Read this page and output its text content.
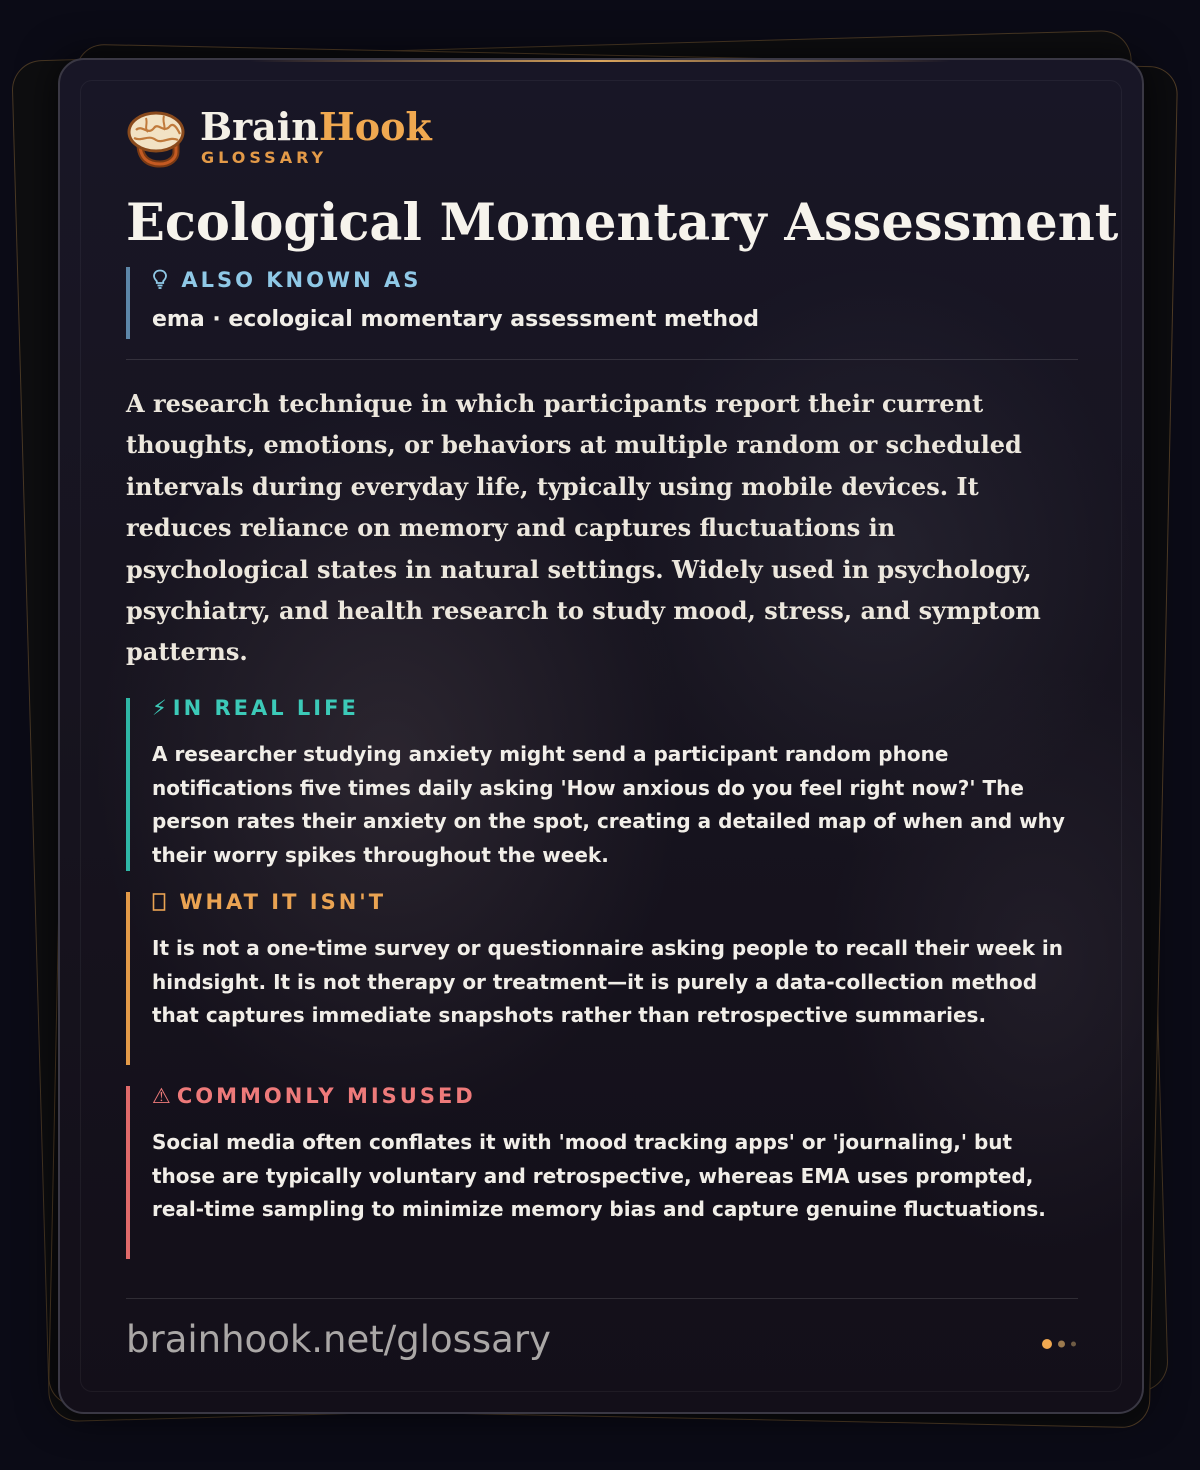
BrainHook
GLOSSARY
Ecological Momentary Assessment
ALSO KNOWN AS
ema · ecological momentary assessment method

A research technique in which participants report their current thoughts, emotions, or behaviors at multiple random or scheduled intervals during everyday life, typically using mobile devices. It reduces reliance on memory and captures fluctuations in psychological states in natural settings. Widely used in psychology, psychiatry, and health research to study mood, stress, and symptom patterns.

⚡ IN REAL LIFE

A researcher studying anxiety might send a participant random phone notifications five times daily asking 'How anxious do you feel right now?' The person rates their anxiety on the spot, creating a detailed map of when and why their worry spikes throughout the week.

WHAT IT ISN'T

It is not a one-time survey or questionnaire asking people to recall their week in hindsight. It is not therapy or treatment—it is purely a data-collection method that captures immediate snapshots rather than retrospective summaries.

⚠ COMMONLY MISUSED

Social media often conflates it with 'mood tracking apps' or 'journaling,' but those are typically voluntary and retrospective, whereas EMA uses prompted, real-time sampling to minimize memory bias and capture genuine fluctuations.

brainhook.net/glossary
